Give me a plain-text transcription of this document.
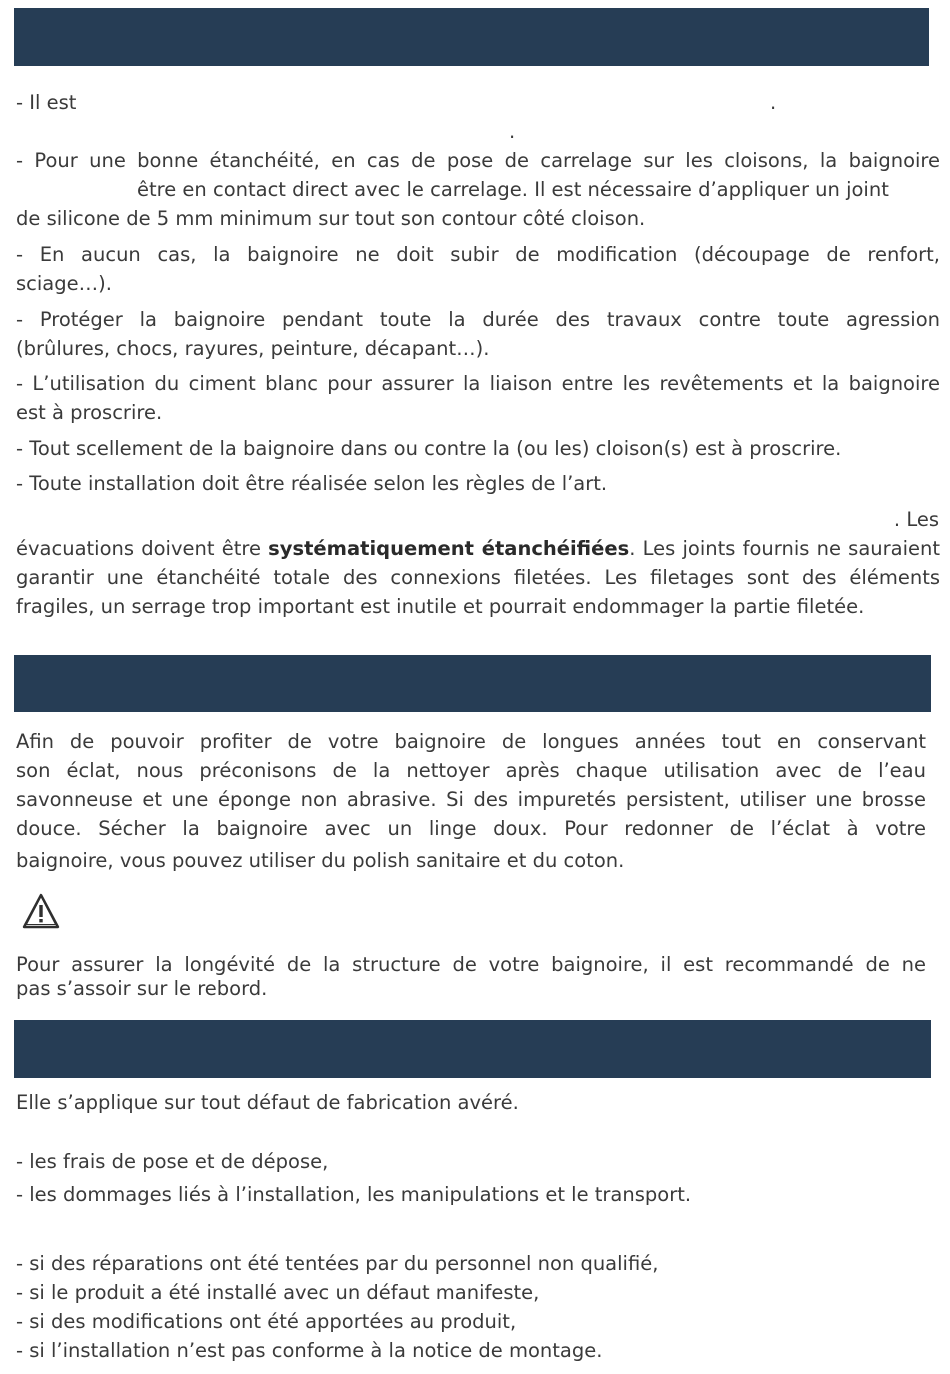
- Il est	.
.
- Pour une bonne étanchéité, en cas de pose de carrelage sur les cloisons, la baignoire
être en contact direct avec le carrelage. Il est nécessaire d’appliquer un joint
de silicone de 5 mm minimum sur tout son contour côté cloison.
- En aucun cas, la baignoire ne doit subir de modification (découpage de renfort,
sciage…).
- Protéger la baignoire pendant toute la durée des travaux contre toute agression
(brûlures, chocs, rayures, peinture, décapant…).
- L’utilisation du ciment blanc pour assurer la liaison entre les revêtements et la baignoire
est à proscrire.
- Tout scellement de la baignoire dans ou contre la (ou les) cloison(s) est à proscrire.
- Toute installation doit être réalisée selon les règles de l’art.
. Les
évacuations doivent être systématiquement étanchéifiées. Les joints fournis ne sauraient
garantir une étanchéité totale des connexions filetées. Les filetages sont des éléments
fragiles, un serrage trop important est inutile et pourrait endommager la partie filetée.
Afin de pouvoir profiter de votre baignoire de longues années tout en conservant
son éclat, nous préconisons de la nettoyer après chaque utilisation avec de l’eau
savonneuse et une éponge non abrasive. Si des impuretés persistent, utiliser une brosse
douce. Sécher la baignoire avec un linge doux. Pour redonner de l’éclat à votre
baignoire, vous pouvez utiliser du polish sanitaire et du coton.
Pour assurer la longévité de la structure de votre baignoire, il est recommandé de ne
pas s’assoir sur le rebord.
Elle s’applique sur tout défaut de fabrication avéré.
- les frais de pose et de dépose,
- les dommages liés à l’installation, les manipulations et le transport.
- si des réparations ont été tentées par du personnel non qualifié,
- si le produit a été installé avec un défaut manifeste,
- si des modifications ont été apportées au produit,
- si l’installation n’est pas conforme à la notice de montage.
